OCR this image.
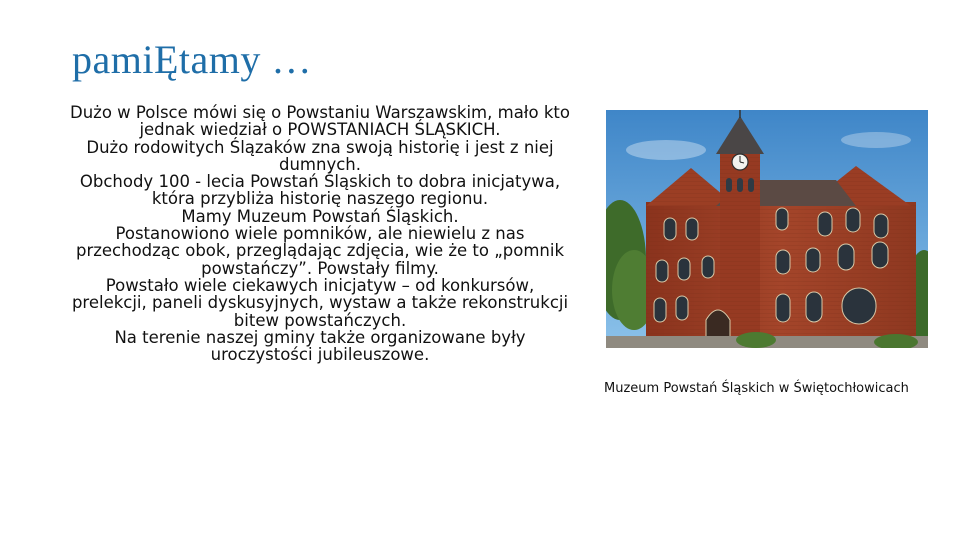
pamiĘtamy …

Dużo w Polsce mówi się o Powstaniu Warszawskim, mało kto jednak wiedział o POWSTANIACH ŚLĄSKICH.

Dużo rodowitych Ślązaków zna swoją historię i jest z niej dumnych.

Obchody 100 - lecia Powstań Śląskich to dobra inicjatywa, która przybliża historię naszego regionu.

Mamy Muzeum Powstań Śląskich.

Postanowiono wiele pomników, ale niewielu z nas przechodząc obok, przeglądając zdjęcia, wie że to „pomnik powstańczy”. Powstały filmy.

Powstało wiele ciekawych inicjatyw – od konkursów, prelekcji, paneli dyskusyjnych, wystaw a także rekonstrukcji bitew powstańczych.

Na terenie naszej gminy także organizowane były uroczystości jubileuszowe.

Muzeum Powstań Śląskich w Świętochłowicach
